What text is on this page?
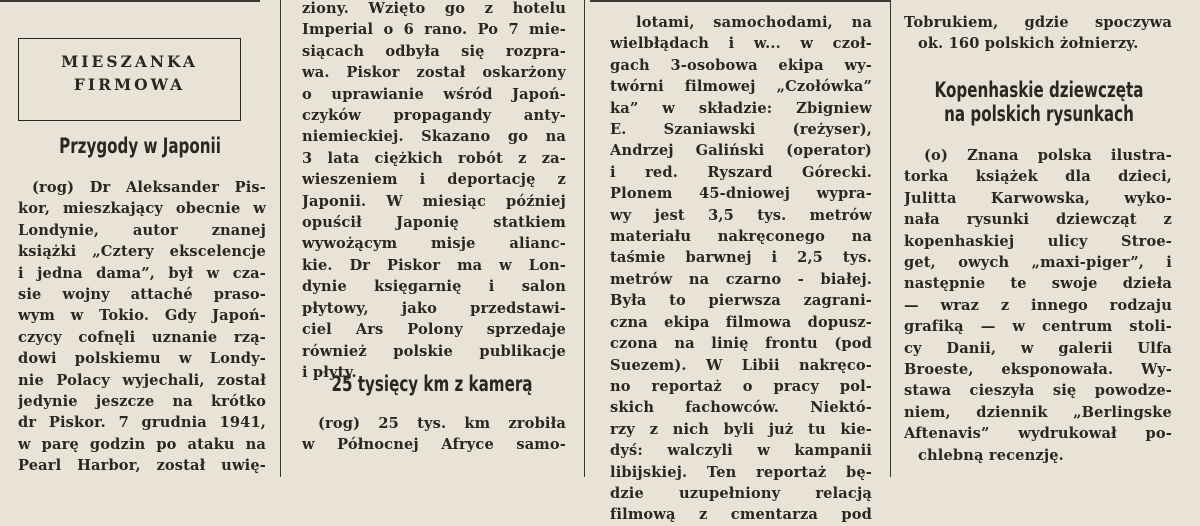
MIESZANKA
FIRMOWA
Przygody w Japonii
(rog) Dr Aleksander Pis-
kor, mieszkający obecnie w
Londynie, autor znanej
książki „Cztery ekscelencje
i jedna dama”, był w cza-
sie wojny attaché praso-
wym w Tokio. Gdy Japoń-
czycy cofnęli uznanie rzą-
dowi polskiemu w Londy-
nie Polacy wyjechali, został
jedynie jeszcze na krótko
dr Piskor. 7 grudnia 1941,
w parę godzin po ataku na
Pearl Harbor, został uwię-
ziony. Wzięto go z hotelu
Imperial o 6 rano. Po 7 mie-
siącach odbyła się rozpra-
wa. Piskor został oskarżony
o uprawianie wśród Japoń-
czyków propagandy anty-
niemieckiej. Skazano go na
3 lata ciężkich robót z za-
wieszeniem i deportację z
Japonii. W miesiąc później
opuścił Japonię statkiem
wywożącym misje alianc-
kie. Dr Piskor ma w Lon-
dynie księgarnię i salon
płytowy, jako przedstawi-
ciel Ars Polony sprzedaje
również polskie publikacje
i płyty.
25 tysięcy km z kamerą
(rog) 25 tys. km zrobiła
w Północnej Afryce samo-
lotami, samochodami, na
wielbłądach i w... w czoł-
gach 3-osobowa ekipa wy-
twórni filmowej „Czołówka”
ka” w składzie: Zbigniew
E. Szaniawski (reżyser),
Andrzej Galiński (operator)
i red. Ryszard Górecki.
Plonem 45-dniowej wypra-
wy jest 3,5 tys. metrów
materiału nakręconego na
taśmie barwnej i 2,5 tys.
metrów na czarno - białej.
Była to pierwsza zagrani-
czna ekipa filmowa dopusz-
czona na linię frontu (pod
Suezem). W Libii nakręco-
no reportaż o pracy pol-
skich fachowców. Niektó-
rzy z nich byli już tu kie-
dyś: walczyli w kampanii
libijskiej. Ten reportaż bę-
dzie uzupełniony relacją
filmową z cmentarza pod
Tobrukiem, gdzie spoczywa
ok. 160 polskich żołnierzy.
Kopenhaskie dziewczęta
na polskich rysunkach
(o) Znana polska ilustra-
torka książek dla dzieci,
Julitta Karwowska, wyko-
nała rysunki dziewcząt z
kopenhaskiej ulicy Stroe-
get, owych „maxi-piger”, i
następnie te swoje dzieła
— wraz z innego rodzaju
grafiką — w centrum stoli-
cy Danii, w galerii Ulfa
Broeste, eksponowała. Wy-
stawa cieszyła się powodze-
niem, dziennik „Berlingske
Aftenavis” wydrukował po-
chlebną recenzję.
